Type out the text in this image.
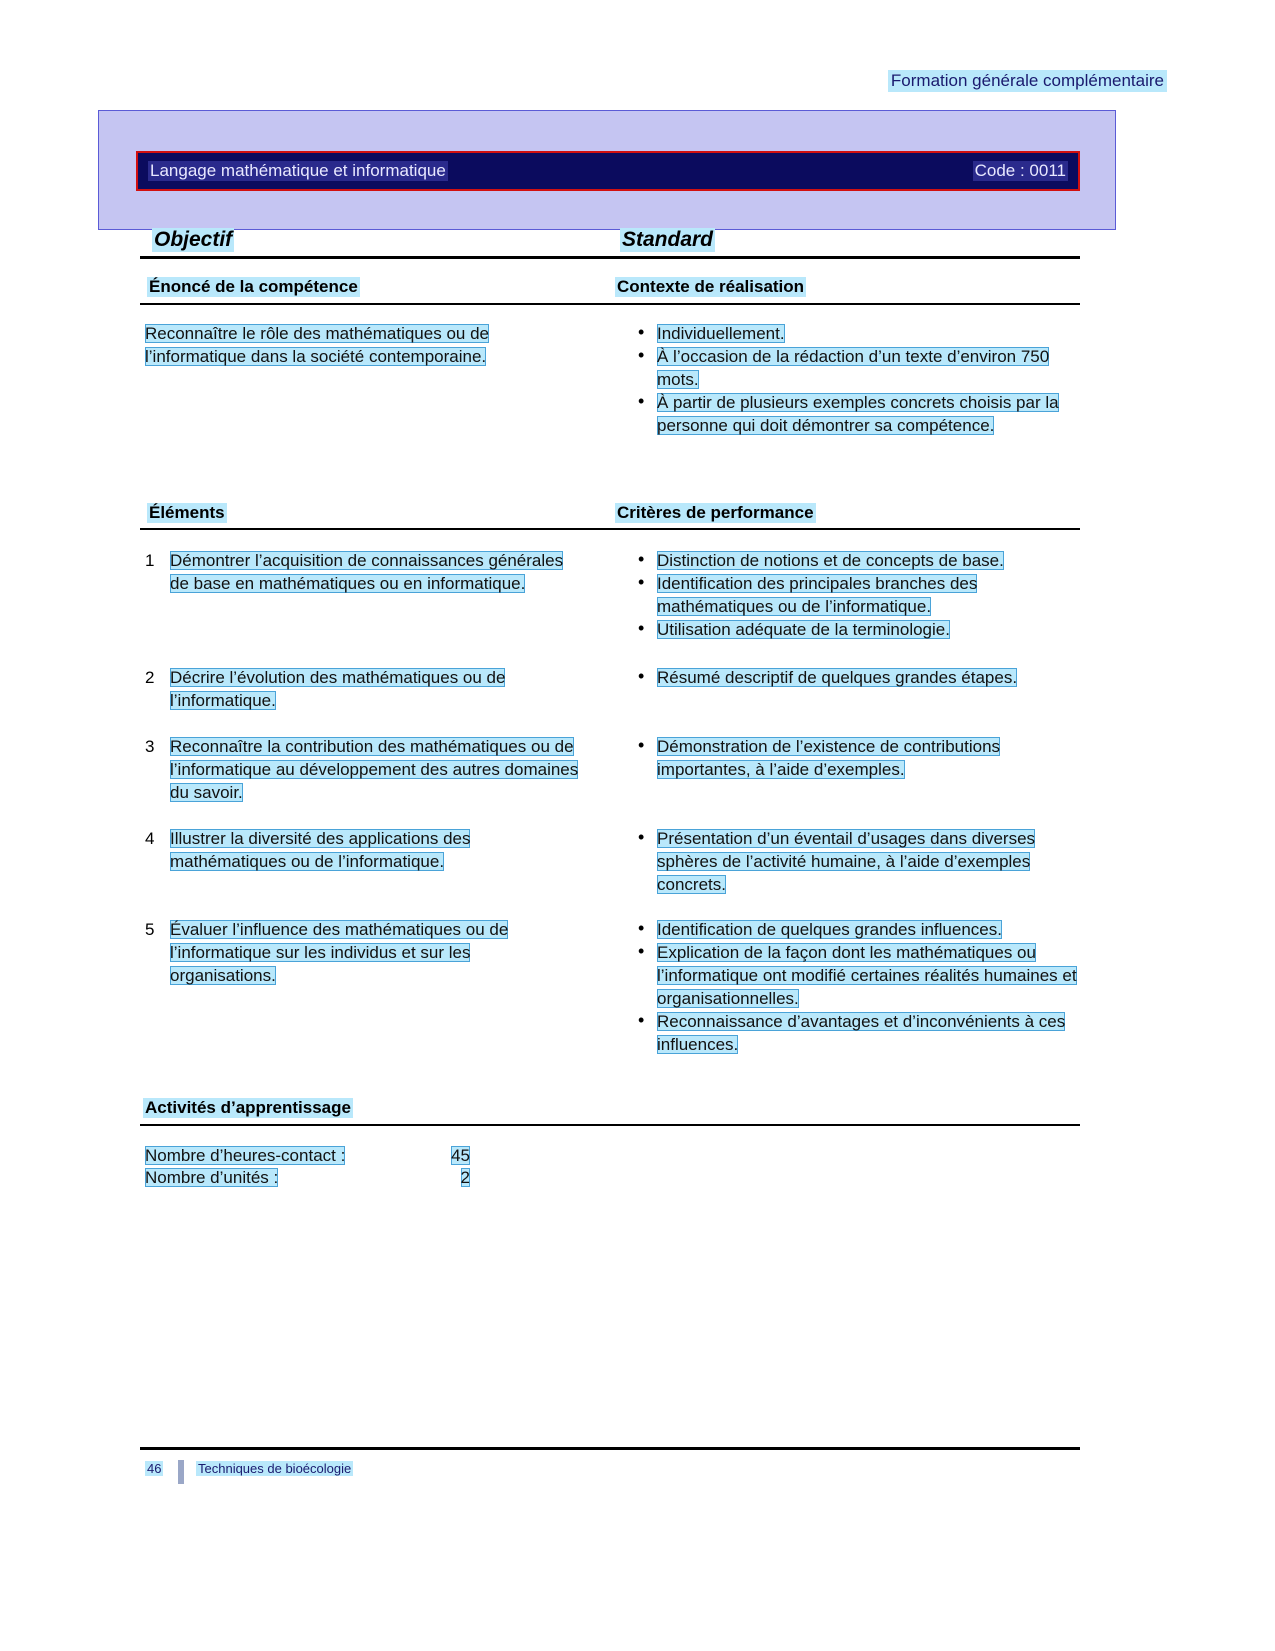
Formation générale complémentaire
Langage mathématique et informatique	Code : 0011
Objectif	Standard
Énoncé de la compétence	Contexte de réalisation
Reconnaître le rôle des mathématiques ou de l’informatique dans la société contemporaine.
• Individuellement.
• À l’occasion de la rédaction d’un texte d’environ 750 mots.
• À partir de plusieurs exemples concrets choisis par la personne qui doit démontrer sa compétence.
Éléments	Critères de performance
1 Démontrer l’acquisition de connaissances générales de base en mathématiques ou en informatique.
• Distinction de notions et de concepts de base.
• Identification des principales branches des mathématiques ou de l’informatique.
• Utilisation adéquate de la terminologie.
2 Décrire l’évolution des mathématiques ou de l’informatique.
• Résumé descriptif de quelques grandes étapes.
3 Reconnaître la contribution des mathématiques ou de l’informatique au développement des autres domaines du savoir.
• Démonstration de l’existence de contributions importantes, à l’aide d’exemples.
4 Illustrer la diversité des applications des mathématiques ou de l’informatique.
• Présentation d’un éventail d’usages dans diverses sphères de l’activité humaine, à l’aide d’exemples concrets.
5 Évaluer l’influence des mathématiques ou de l’informatique sur les individus et sur les organisations.
• Identification de quelques grandes influences.
• Explication de la façon dont les mathématiques ou l’informatique ont modifié certaines réalités humaines et organisationnelles.
• Reconnaissance d’avantages et d’inconvénients à ces influences.
Activités d’apprentissage
Nombre d’heures-contact :	45
Nombre d’unités :	2
46	Techniques de bioécologie
